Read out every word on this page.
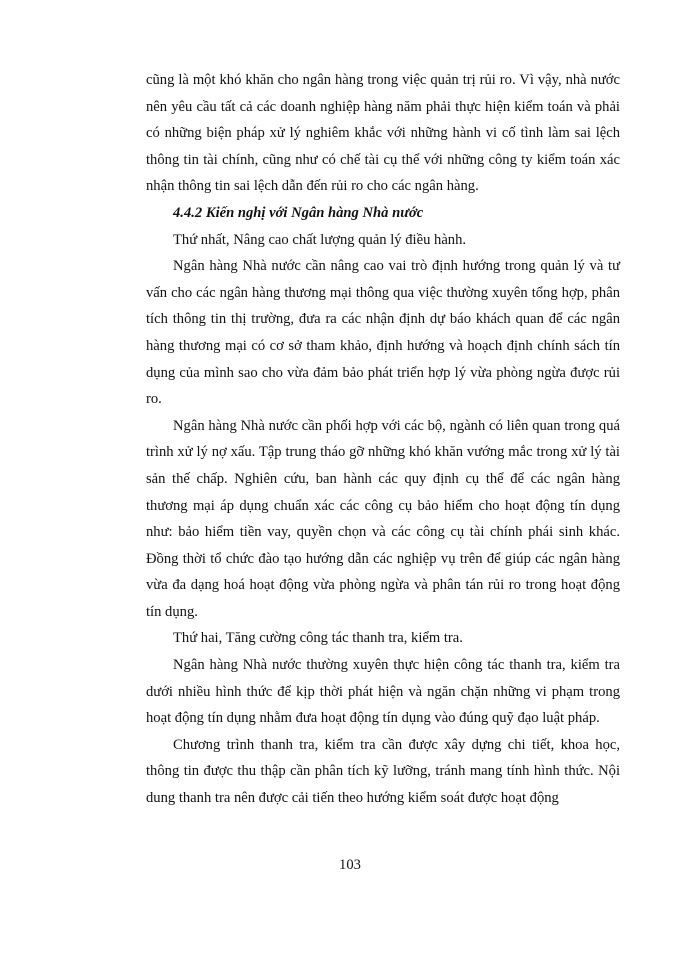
cũng là một khó khăn cho ngân hàng trong việc quản trị rủi ro. Vì vậy, nhà nước nên yêu cầu tất cả các doanh nghiệp hàng năm phải thực hiện kiểm toán và phải có những biện pháp xử lý nghiêm khắc với những hành vi cố tình làm sai lệch thông tin tài chính, cũng như có chế tài cụ thể với những công ty kiểm toán xác nhận thông tin sai lệch dẫn đến rủi ro cho các ngân hàng.

4.4.2 Kiến nghị với Ngân hàng Nhà nước

Thứ nhất, Nâng cao chất lượng quản lý điều hành.

Ngân hàng Nhà nước cần nâng cao vai trò định hướng trong quản lý và tư vấn cho các ngân hàng thương mại thông qua việc thường xuyên tổng hợp, phân tích thông tin thị trường, đưa ra các nhận định dự báo khách quan để các ngân hàng thương mại có cơ sở tham khảo, định hướng và hoạch định chính sách tín dụng của mình sao cho vừa đảm bảo phát triển hợp lý vừa phòng ngừa được rủi ro.

Ngân hàng Nhà nước cần phối hợp với các bộ, ngành có liên quan trong quá trình xử lý nợ xấu. Tập trung tháo gỡ những khó khăn vướng mắc trong xử lý tài sản thế chấp. Nghiên cứu, ban hành các quy định cụ thể để các ngân hàng thương mại áp dụng chuẩn xác các công cụ bảo hiểm cho hoạt động tín dụng như: bảo hiểm tiền vay, quyền chọn và các công cụ tài chính phái sinh khác. Đồng thời tổ chức đào tạo hướng dẫn các nghiệp vụ trên để giúp các ngân hàng vừa đa dạng hoá hoạt động vừa phòng ngừa và phân tán rủi ro trong hoạt động tín dụng.

Thứ hai, Tăng cường công tác thanh tra, kiểm tra.

Ngân hàng Nhà nước thường xuyên thực hiện công tác thanh tra, kiểm tra dưới nhiều hình thức để kịp thời phát hiện và ngăn chặn những vi phạm trong hoạt động tín dụng nhằm đưa hoạt động tín dụng vào đúng quỹ đạo luật pháp.

Chương trình thanh tra, kiểm tra cần được xây dựng chi tiết, khoa học, thông tin được thu thập cần phân tích kỹ lưỡng, tránh mang tính hình thức. Nội dung thanh tra nên được cải tiến theo hướng kiểm soát được hoạt động

103
